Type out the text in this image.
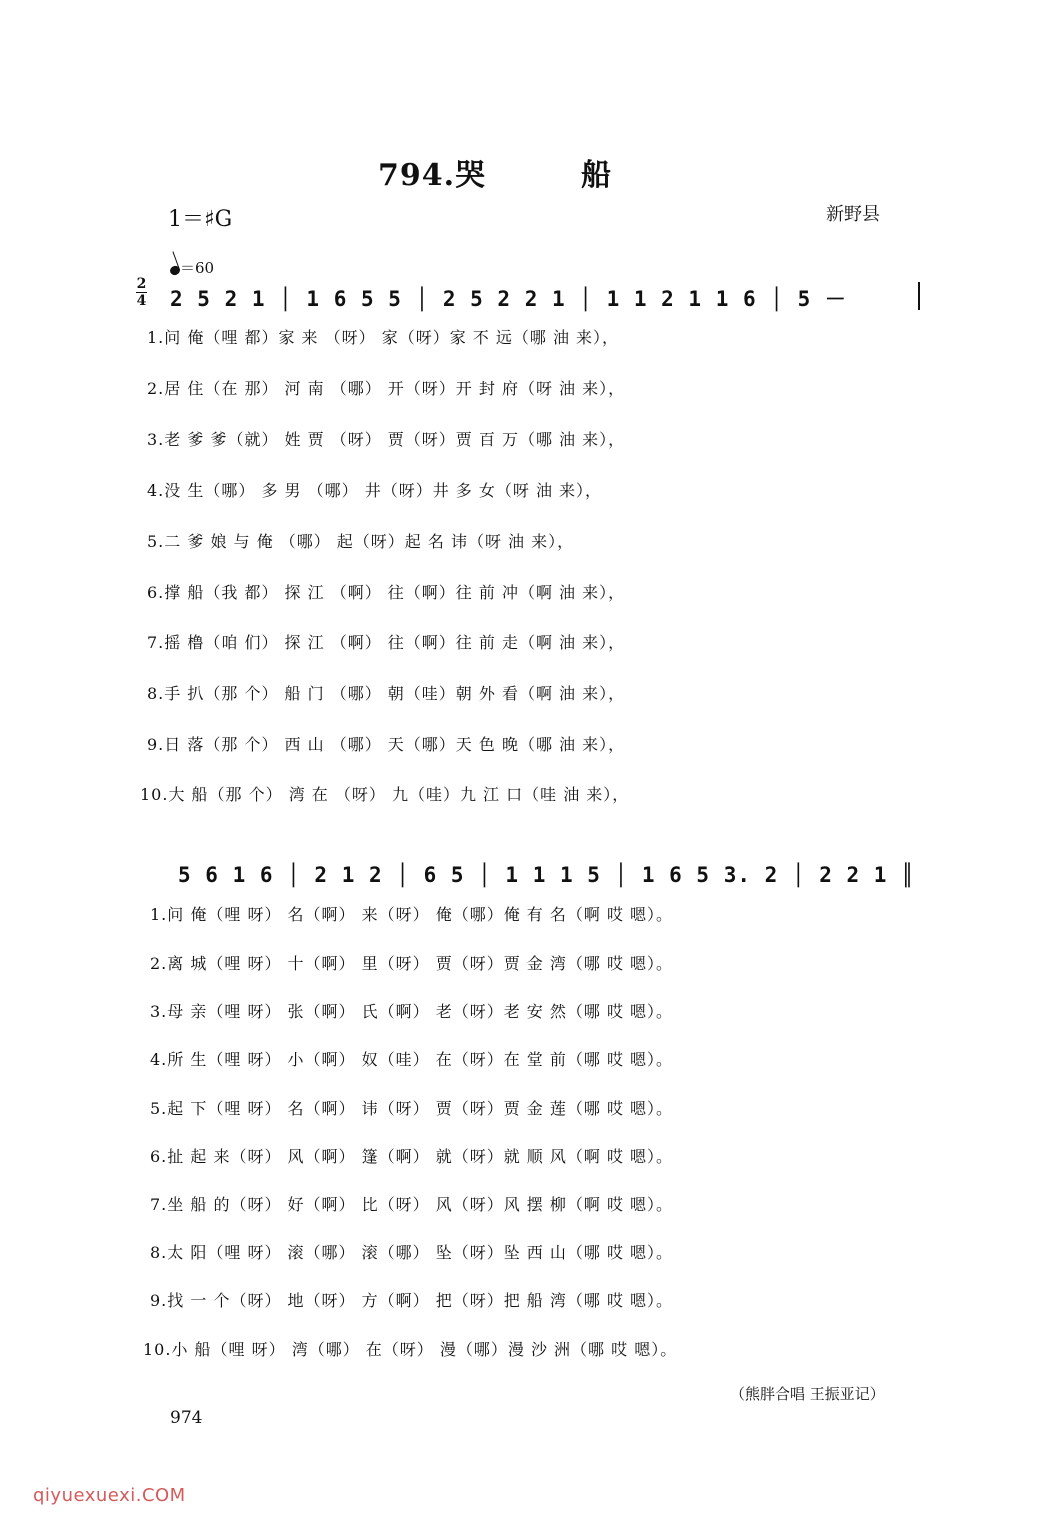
794.哭	船
1＝♯G	新野县
＝60
2
4 2 5 2 1 │ 1 6 5 5 │ 2 5 2 2 1 │ 1 1 2 1 1 6 │ 5 －
1.问 俺（哩 都）家 来 （呀） 家（呀）家 不 远（哪 油 来），
2.居 住（在 那） 河 南 （哪） 开（呀）开 封 府（呀 油 来），
3.老 爹 爹（就） 姓 贾 （呀） 贾（呀）贾 百 万（哪 油 来），
4.没 生（哪） 多 男 （哪） 井（呀）井 多 女（呀 油 来），
5.二 爹 娘 与 俺 （哪） 起（呀）起 名 讳（呀 油 来），
6.撑 船（我 都） 探 江 （啊） 往（啊）往 前 冲（啊 油 来），
7.摇 橹（咱 们） 探 江 （啊） 往（啊）往 前 走（啊 油 来），
8.手 扒（那 个） 船 门 （哪） 朝（哇）朝 外 看（啊 油 来），
9.日 落（那 个） 西 山 （哪） 天（哪）天 色 晚（哪 油 来），
10.大 船（那 个） 湾 在 （呀） 九（哇）九 江 口（哇 油 来），
5 6 1 6 │ 2 1 2 │ 6 5 │ 1 1 1 5 │ 1 6 5 3. 2 │ 2 2 1 ║
1.问 俺（哩 呀） 名（啊） 来（呀） 俺（哪）俺 有 名（啊 哎 嗯）。
2.离 城（哩 呀） 十（啊） 里（呀） 贾（呀）贾 金 湾（哪 哎 嗯）。
3.母 亲（哩 呀） 张（啊） 氏（啊） 老（呀）老 安 然（哪 哎 嗯）。
4.所 生（哩 呀） 小（啊） 奴（哇） 在（呀）在 堂 前（哪 哎 嗯）。
5.起 下（哩 呀） 名（啊） 讳（呀） 贾（呀）贾 金 莲（哪 哎 嗯）。
6.扯 起 来（呀） 风（啊） 篷（啊） 就（呀）就 顺 风（啊 哎 嗯）。
7.坐 船 的（呀） 好（啊） 比（呀） 风（呀）风 摆 柳（啊 哎 嗯）。
8.太 阳（哩 呀） 滚（哪） 滚（哪） 坠（呀）坠 西 山（哪 哎 嗯）。
9.找 一 个（呀） 地（呀） 方（啊） 把（呀）把 船 湾（哪 哎 嗯）。
10.小 船（哩 呀） 湾（哪） 在（呀） 漫（哪）漫 沙 洲（哪 哎 嗯）。
（熊胖合唱 王振亚记）
974
qiyuexuexi.COM
